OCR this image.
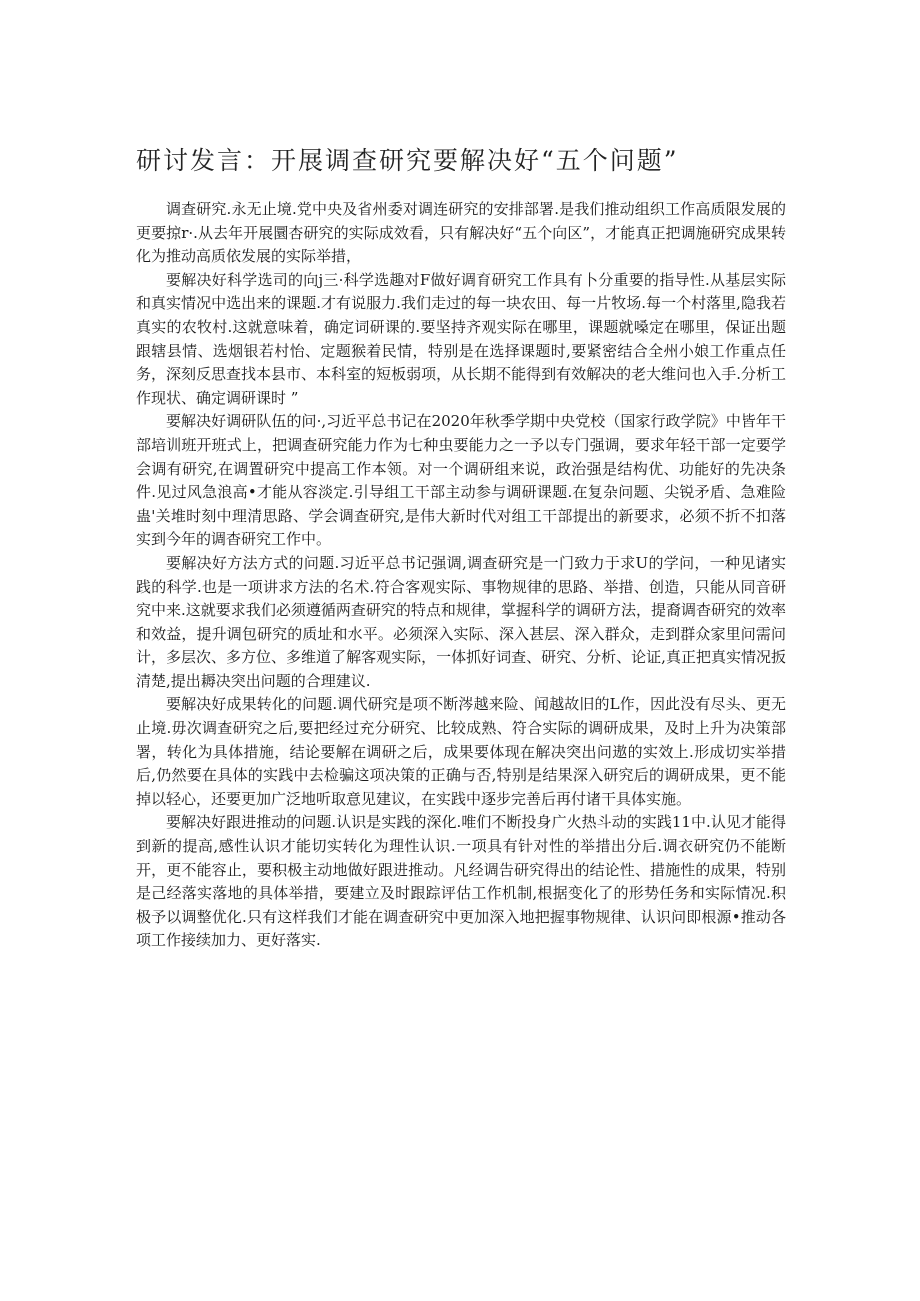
研讨发言：开展调查研究要解决好“五个问题”

调查研究.永无止境.党中央及省州委对调连研究的安排部署.是我们推动组织工作高质限发展的更要掠r·.从去年开展圜杏研究的实际成效看，只有解决好“五个向区”，才能真正把调施研究成果转化为推动高质依发展的实际举措，

要解决好科学选司的向j三·科学选趣对F做好调育研究工作具有卜分重要的指导性.从基层实际和真实情况中选出来的课题.才有说服力.我们走过的每一块农田、每一片牧场.每一个村落里,隐我若真实的农牧村.这就意味着，确定词研课的.要坚持齐观实际在哪里，课题就嗓定在哪里，保证出题跟辖县情、选烟银若村怡、定题猴着民情，特别是在选择课题时,要紧密结合全州小娘工作重点任务，深刻反思查找本县市、本科室的短板弱项，从长期不能得到有效解决的老大维问也入手.分析工作现状、确定调研课时 ”

要解决好调研队伍的问·,习近平总书记在2020年秋季学期中央党校（国家行政学院》中皆年干部培训班开班式上，把调查研究能力作为七种虫要能力之一予以专门强调，要求年轻干部一定要学会调有研究,在调置研究中提高工作本领。对一个调研组来说，政治强是结构优、功能好的先决条件.见过风急浪高•才能从容淡定.引导组工干部主动参与调研课题.在复杂问题、尖锐矛盾、急难险蛊'关堆时刻中理清思路、学会调查研究,是伟大新时代对组工干部提出的新要求，必须不折不扣落实到今年的调杳研究工作中。

要解决好方法方式的问题.习近平总书记强调,调查研究是一门致力于求U的学问，一种见诸实践的科学.也是一项讲求方法的名术.符合客观实际、事物规律的思路、举措、创造，只能从同音研究中来.这就要求我们必须遵循两查研究的特点和规律，掌握科学的调研方法，提裔调杳研究的效率和效益，提升调包研究的质址和水平。必须深入实际、深入甚层、深入群众，走到群众家里问需问计，多层次、多方位、多维道了解客观实际，一体抓好词查、研究、分析、论证,真正把真实情况扳清楚,提出耨决突出问题的合理建议.

要解决好成果转化的问题.调代研究是项不断涔越来险、闻越故旧的L作，因此没有尽头、更无止境.毋次调查研究之后,要把经过充分研究、比较成熟、符合实际的调研成果，及时上升为决策部署，转化为具体措施，结论要解在调研之后，成果要体现在解决突出问遨的实效上.形成切实举措后,仍然要在具体的实践中去检骗这项决策的正确与否,特别是结果深入研究后的调研成果，更不能掉以轻心，还要更加广泛地听取意见建议，在实践中逐步完善后再付诸干具体实施。

要解决好跟进推动的问题.认识是实践的深化.唯们不断投身广火热斗动的实践11中.认见才能得到新的提高,感性认识才能切实转化为理性认识.一项具有针对性的举措出分后.调衣研究仍不能断开，更不能容止，要积极主动地做好跟进推动。凡经调告研究得出的结论性、措施性的成果，特别是己经落实落地的具体举措，要建立及时跟踪评估工作机制,根据变化了的形势任务和实际情况.积极予以调整优化.只有这样我们才能在调查研究中更加深入地把握事物规律、认识问即根源•推动各项工作接续加力、更好落实.
